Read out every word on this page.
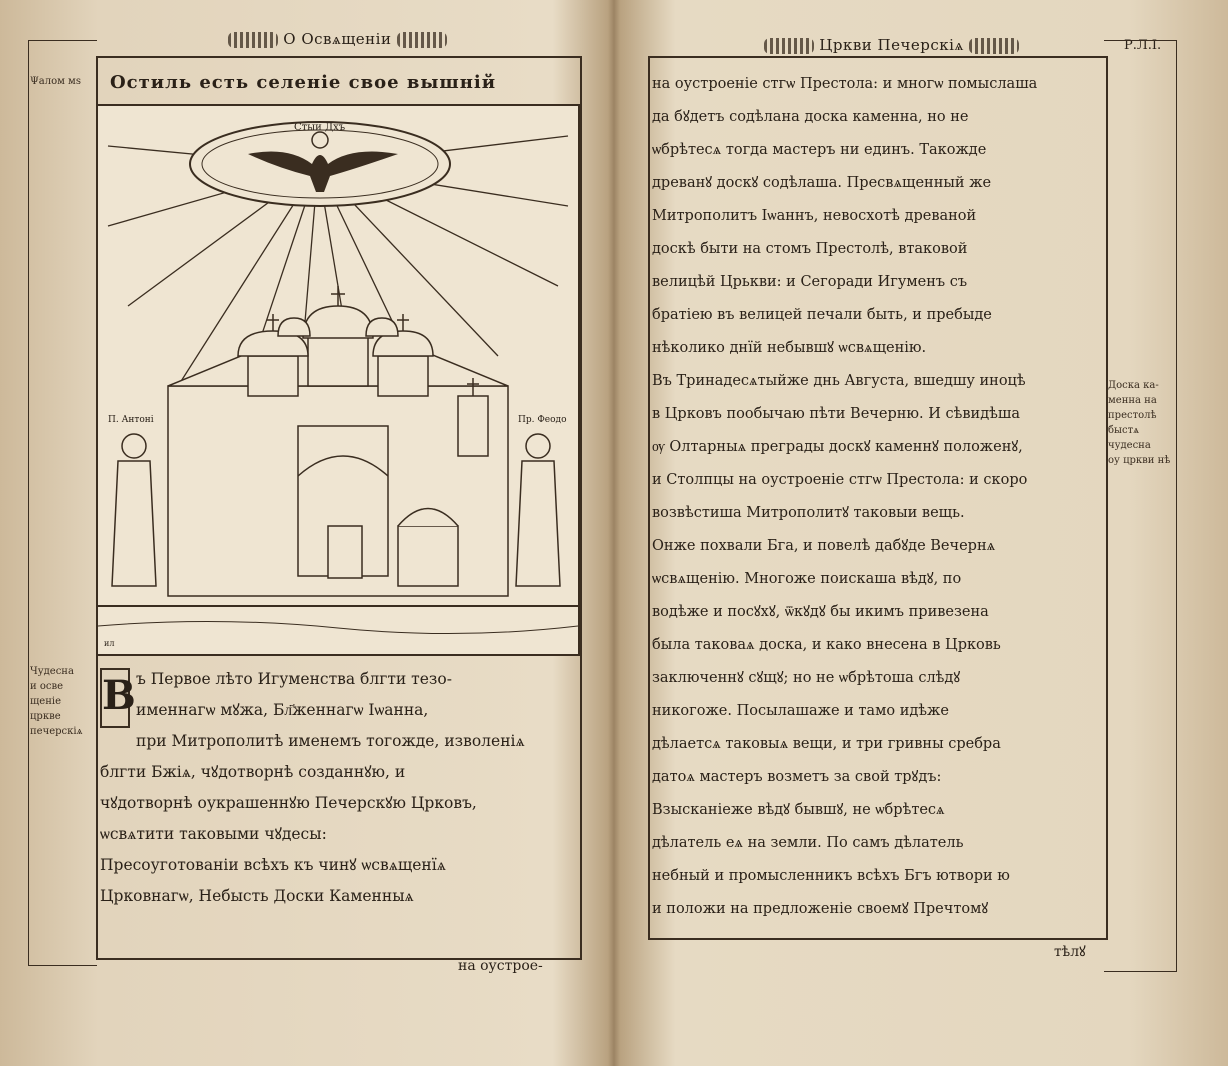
О Освѧщеніи
Ψалом мѕ
Чудесна
и осве
щеніе цркве
печерскіѧ
Остиль есть селеніе свое вышній
Стыи Дхъ
П. Антоні	Пр. Феодо
ил
В ъ Первое лѣто Игуменства блгти тезо-
именнагѡ мꙋжа, Бл҃женнагѡ Іѡанна,
при Митрополитѣ именемъ тогожде, изволеніѧ
блгти Бжіѧ, чꙋдотворнѣ созданнꙋю, и
чꙋдотворнѣ оукрашеннꙋю Печерскꙋю Црковъ,
ѡсвѧтити таковыми чꙋдесы:
Пресоуготованіи всѣхъ къ чинꙋ ѡсвѧщенїѧ
Црковнагѡ, Небысть Доски Каменныѧ
на оустрое-
Цркви Печерскіѧ	Р.Л.І.
Доска ка-
менна на
престолѣ
быстѧ
чудесна
оу цркви нѣ
на оустроеніе стгѡ Престола: и многѡ помыслаша
да бꙋдетъ содѣлана доска каменна, но не
ѡбрѣтесѧ тогда мастеръ ни единъ. Такожде
древанꙋ доскꙋ содѣлаша. Пресвѧщенный же
Митрополитъ Іѡаннъ, невосхотѣ древаной
доскѣ быти на стомъ Престолѣ, втаковой
велицѣй Црькви: и Сегоради Игуменъ съ
братіею въ велицей печали быть, и пребыде
нѣколико днїй небывшꙋ ѡсвѧщенію.
Въ Тринадесѧтыйже днь Августа, вшедшу иноцѣ
в Црковъ пообычаю пѣти Вечерню. И сѣвидѣша
ѹ Олтарныѧ преграды доскꙋ каменнꙋ положенꙋ,
и Столпцы на оустроеніе стгѡ Престола: и скоро
возвѣстиша Митрополитꙋ таковыи вещь.
Онже похвали Бга, и повелѣ дабꙋде Вечернѧ
ѡсвѧщенію. Многоже поискаша вѣдꙋ, по
водѣже и посꙋхꙋ, ѿкꙋдꙋ бы икимъ привезена
была таковаѧ доска, и како внесена в Црковь
заключеннꙋ сꙋщꙋ; но не ѡбрѣтоша слѣдꙋ
никогоже. Посылашаже и тамо идѣже
дѣлаетсѧ таковыѧ вещи, и три гривны сребра
датоѧ мастеръ возметъ за свой трꙋдъ:
Взысканіеже вѣдꙋ бывшꙋ, не ѡбрѣтесѧ
дѣлатель еѧ на земли. По самъ дѣлатель
небный и промысленникъ всѣхъ Бгъ ютвори ю
и положи на предложеніе своемꙋ Пречтомꙋ
тѣлꙋ
